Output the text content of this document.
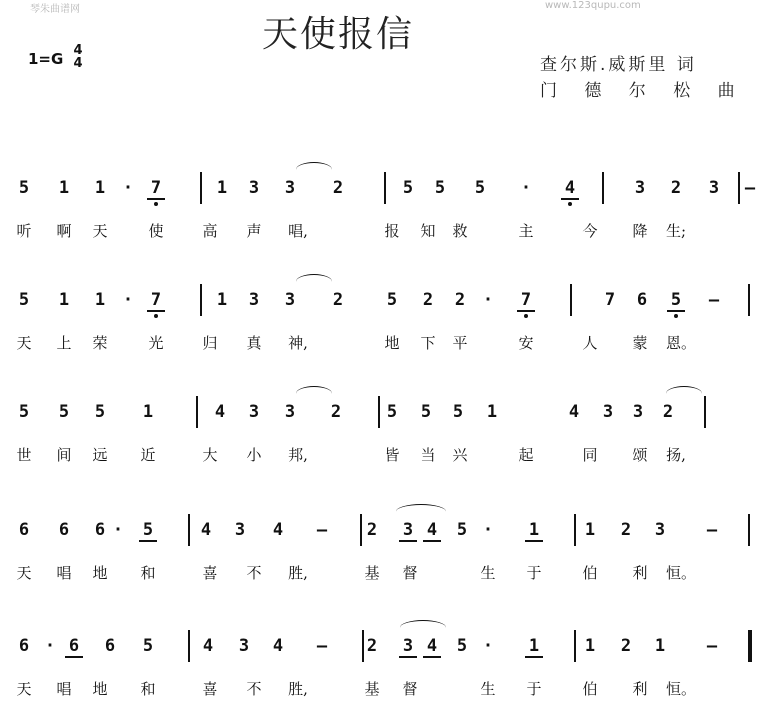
琴朱曲谱网	www.123qupu.com
天使报信
1=G 4
4	查尔斯.威斯里 词
门 德 尔 松 曲
5 1 1 · 7	1 3 3 2	5 5 5 · 4	3 2 3 –
听 啊 天	使	高 声 唱,	报 知 救	主	今 降 生;
5 1 1 · 7	1 3 3 2	5 2 2 · 7	7 6 5 –
天 上 荣	光	归 真 神,	地 下 平	安	人 蒙 恩。
5 5 5 1	4 3 3 2	5 5 5 1	4 3 3 2
世 间 远 近	大 小 邦,	皆 当 兴	起	同 颂 扬,
6 6 6 · 5	4 3 4 – 2 3 4 5 · 1	1 2 3 –
天 唱 地 和	喜 不 胜,	基 督	生 于	伯 利 恒。
6 · 6 6 5	4 3 4 – 2 3 4 5 · 1	1 2 1 –
天 唱 地 和	喜 不 胜,	基 督	生 于	伯 利 恒。
